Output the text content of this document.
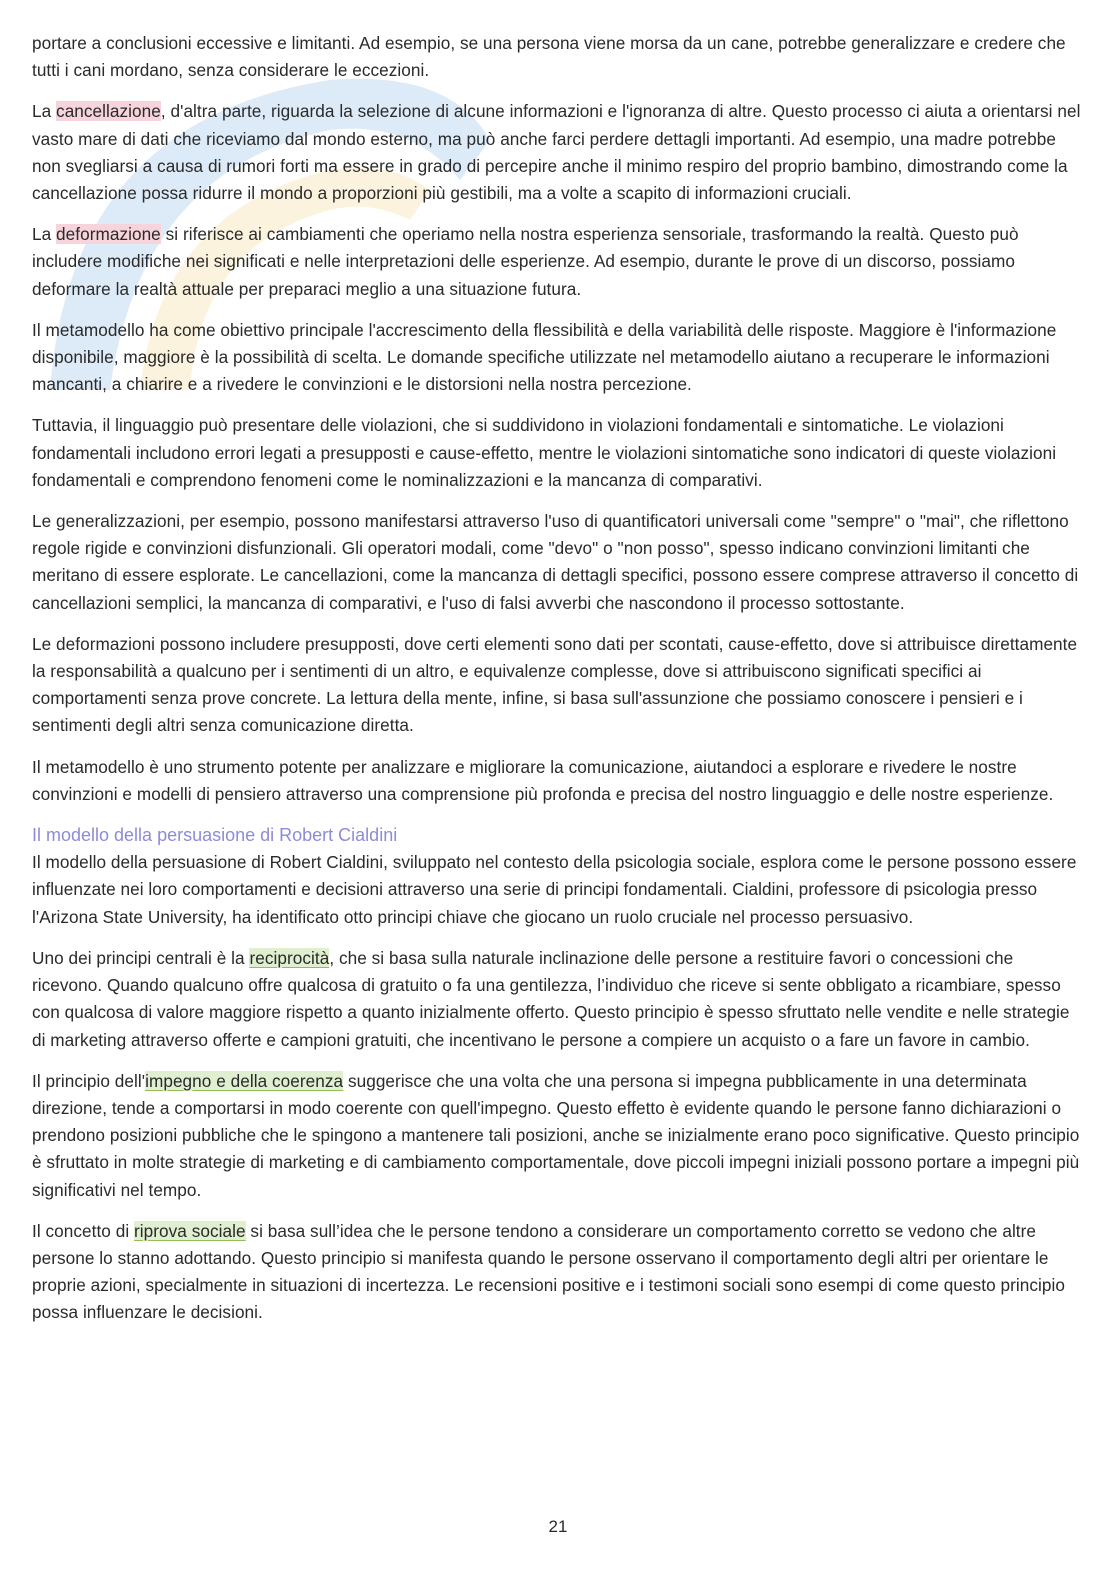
portare a conclusioni eccessive e limitanti. Ad esempio, se una persona viene morsa da un cane, potrebbe generalizzare e credere che tutti i cani mordano, senza considerare le eccezioni.

La cancellazione, d'altra parte, riguarda la selezione di alcune informazioni e l'ignoranza di altre. Questo processo ci aiuta a orientarsi nel vasto mare di dati che riceviamo dal mondo esterno, ma può anche farci perdere dettagli importanti. Ad esempio, una madre potrebbe non svegliarsi a causa di rumori forti ma essere in grado di percepire anche il minimo respiro del proprio bambino, dimostrando come la cancellazione possa ridurre il mondo a proporzioni più gestibili, ma a volte a scapito di informazioni cruciali.

La deformazione si riferisce ai cambiamenti che operiamo nella nostra esperienza sensoriale, trasformando la realtà. Questo può includere modifiche nei significati e nelle interpretazioni delle esperienze. Ad esempio, durante le prove di un discorso, possiamo deformare la realtà attuale per preparaci meglio a una situazione futura.

Il metamodello ha come obiettivo principale l'accrescimento della flessibilità e della variabilità delle risposte. Maggiore è l'informazione disponibile, maggiore è la possibilità di scelta. Le domande specifiche utilizzate nel metamodello aiutano a recuperare le informazioni mancanti, a chiarire e a rivedere le convinzioni e le distorsioni nella nostra percezione.

Tuttavia, il linguaggio può presentare delle violazioni, che si suddividono in violazioni fondamentali e sintomatiche. Le violazioni fondamentali includono errori legati a presupposti e cause-effetto, mentre le violazioni sintomatiche sono indicatori di queste violazioni fondamentali e comprendono fenomeni come le nominalizzazioni e la mancanza di comparativi.

Le generalizzazioni, per esempio, possono manifestarsi attraverso l'uso di quantificatori universali come "sempre" o "mai", che riflettono regole rigide e convinzioni disfunzionali. Gli operatori modali, come "devo" o "non posso", spesso indicano convinzioni limitanti che meritano di essere esplorate. Le cancellazioni, come la mancanza di dettagli specifici, possono essere comprese attraverso il concetto di cancellazioni semplici, la mancanza di comparativi, e l'uso di falsi avverbi che nascondono il processo sottostante.

Le deformazioni possono includere presupposti, dove certi elementi sono dati per scontati, cause-effetto, dove si attribuisce direttamente la responsabilità a qualcuno per i sentimenti di un altro, e equivalenze complesse, dove si attribuiscono significati specifici ai comportamenti senza prove concrete. La lettura della mente, infine, si basa sull'assunzione che possiamo conoscere i pensieri e i sentimenti degli altri senza comunicazione diretta.

Il metamodello è uno strumento potente per analizzare e migliorare la comunicazione, aiutandoci a esplorare e rivedere le nostre convinzioni e modelli di pensiero attraverso una comprensione più profonda e precisa del nostro linguaggio e delle nostre esperienze.

Il modello della persuasione di Robert Cialdini

Il modello della persuasione di Robert Cialdini, sviluppato nel contesto della psicologia sociale, esplora come le persone possono essere influenzate nei loro comportamenti e decisioni attraverso una serie di principi fondamentali. Cialdini, professore di psicologia presso l'Arizona State University, ha identificato otto principi chiave che giocano un ruolo cruciale nel processo persuasivo.

Uno dei principi centrali è la reciprocità, che si basa sulla naturale inclinazione delle persone a restituire favori o concessioni che ricevono. Quando qualcuno offre qualcosa di gratuito o fa una gentilezza, l’individuo che riceve si sente obbligato a ricambiare, spesso con qualcosa di valore maggiore rispetto a quanto inizialmente offerto. Questo principio è spesso sfruttato nelle vendite e nelle strategie di marketing attraverso offerte e campioni gratuiti, che incentivano le persone a compiere un acquisto o a fare un favore in cambio.

Il principio dell'impegno e della coerenza suggerisce che una volta che una persona si impegna pubblicamente in una determinata direzione, tende a comportarsi in modo coerente con quell'impegno. Questo effetto è evidente quando le persone fanno dichiarazioni o prendono posizioni pubbliche che le spingono a mantenere tali posizioni, anche se inizialmente erano poco significative. Questo principio è sfruttato in molte strategie di marketing e di cambiamento comportamentale, dove piccoli impegni iniziali possono portare a impegni più significativi nel tempo.

Il concetto di riprova sociale si basa sull’idea che le persone tendono a considerare un comportamento corretto se vedono che altre persone lo stanno adottando. Questo principio si manifesta quando le persone osservano il comportamento degli altri per orientare le proprie azioni, specialmente in situazioni di incertezza. Le recensioni positive e i testimoni sociali sono esempi di come questo principio possa influenzare le decisioni.

21
